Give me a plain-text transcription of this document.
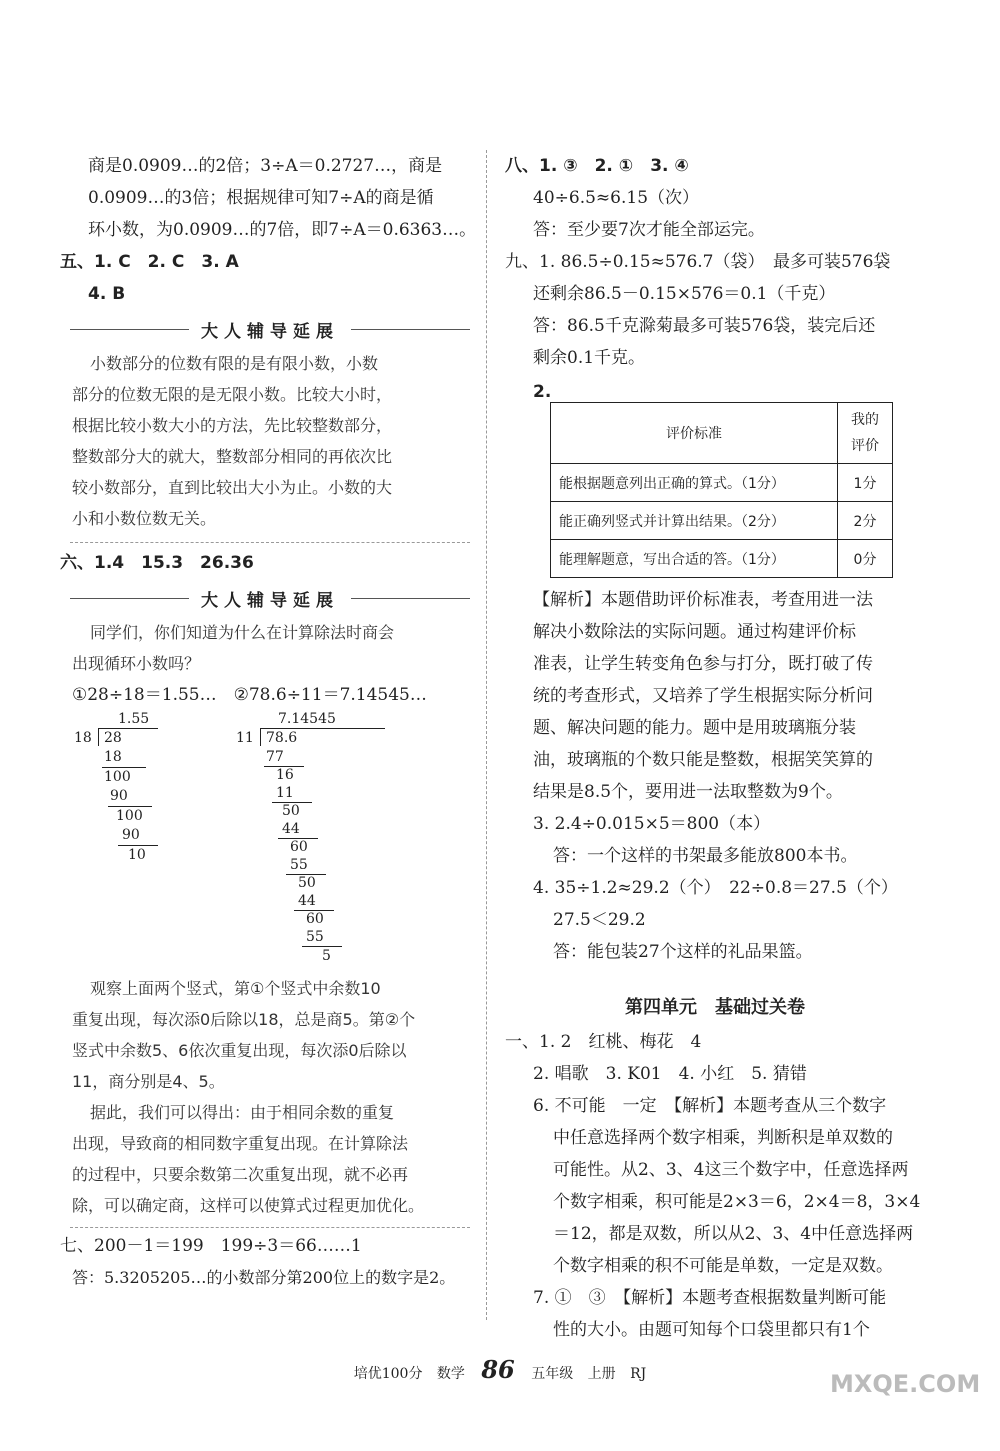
商是0.0909…的2倍；3÷A＝0.2727…，商是
0.0909…的3倍；根据规律可知7÷A的商是循
环小数，为0.0909…的7倍，即7÷A＝0.6363…。
五、1. C　2. C　3. A
4. B
大人辅导延展
小数部分的位数有限的是有限小数，小数
部分的位数无限的是无限小数。比较大小时，
根据比较小数大小的方法，先比较整数部分，
整数部分大的就大，整数部分相同的再依次比
较小数部分，直到比较出大小为止。小数的大
小和小数位数无关。
六、1.4　15.3　26.36
大人辅导延展
同学们，你们知道为什么在计算除法时商会
出现循环小数吗？
①28÷18＝1.55…　②78.6÷11＝7.14545…
1.55
18 28
18
100
90
100
90
10
7.14545
11 78.6
77
16
11
50
44
60
55
50
44
60
55
5
观察上面两个竖式，第①个竖式中余数10
重复出现，每次添0后除以18，总是商5。第②个
竖式中余数5、6依次重复出现，每次添0后除以
11，商分别是4、5。
据此，我们可以得出：由于相同余数的重复
出现，导致商的相同数字重复出现。在计算除法
的过程中，只要余数第二次重复出现，就不必再
除，可以确定商，这样可以使算式过程更加优化。
七、200－1＝199　199÷3＝66……1
答：5.3205205…的小数部分第200位上的数字是2。
八、1. ③　2. ①　3. ④
40÷6.5≈6.15（次）
答：至少要7次才能全部运完。
九、1. 86.5÷0.15≈576.7（袋）　最多可装576袋
还剩余86.5－0.15×576＝0.1（千克）
答：86.5千克滁菊最多可装576袋，装完后还
剩余0.1千克。
2.
评价标准	我的
评价
能根据题意列出正确的算式。（1分）	1分
能正确列竖式并计算出结果。（2分）	2分
能理解题意，写出合适的答。（1分）	0分
【解析】本题借助评价标准表，考查用进一法
解决小数除法的实际问题。通过构建评价标
准表，让学生转变角色参与打分，既打破了传
统的考查形式，又培养了学生根据实际分析问
题、解决问题的能力。题中是用玻璃瓶分装
油，玻璃瓶的个数只能是整数，根据笑笑算的
结果是8.5个，要用进一法取整数为9个。
3. 2.4÷0.015×5＝800（本）
答：一个这样的书架最多能放800本书。
4. 35÷1.2≈29.2（个）　22÷0.8＝27.5（个）
27.5＜29.2
答：能包装27个这样的礼品果篮。
第四单元　基础过关卷
一、1. 2　红桃、梅花　4
2. 唱歌　3. K01　4. 小红　5. 猜错
6. 不可能　一定　【解析】本题考查从三个数字
中任意选择两个数字相乘，判断积是单双数的
可能性。从2、3、4这三个数字中，任意选择两
个数字相乘，积可能是2×3＝6，2×4＝8，3×4
＝12，都是双数，所以从2、3、4中任意选择两
个数字相乘的积不可能是单数，一定是双数。
7. ①　③　【解析】本题考查根据数量判断可能
性的大小。由题可知每个口袋里都只有1个
培优100分 数学 86 五年级 上册 RJ	MXQE.COM
